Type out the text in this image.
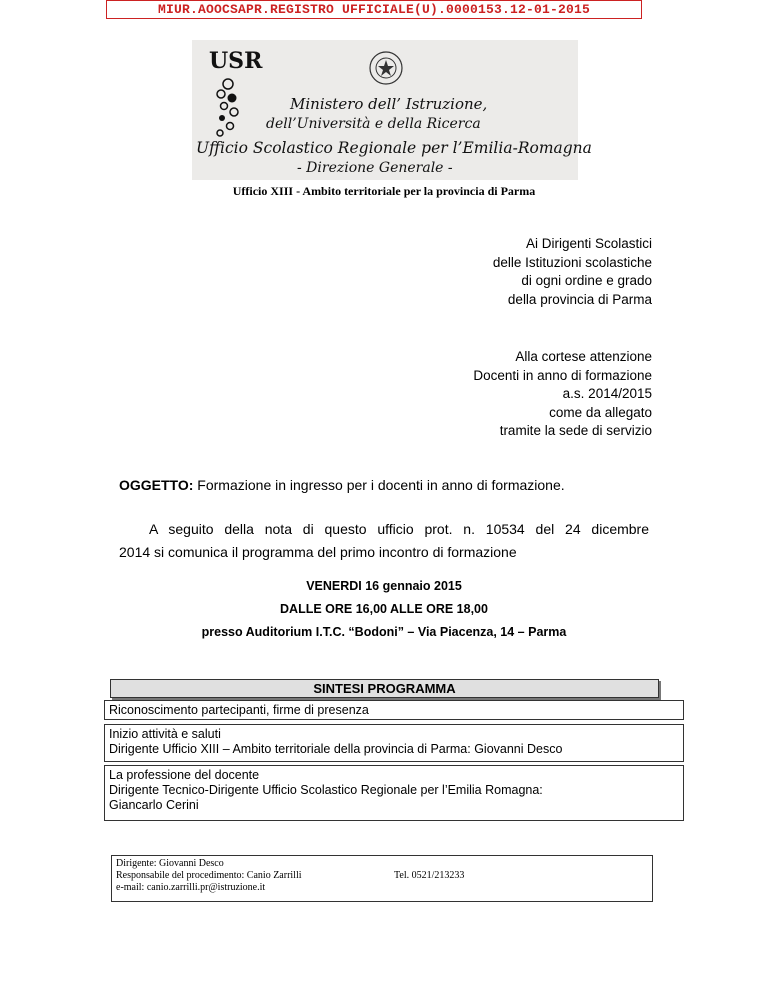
MIUR.AOOCSAPR.REGISTRO UFFICIALE(U).0000153.12-01-2015
USR
Ministero dell’ Istruzione,
dell’Università e della Ricerca
Ufficio Scolastico Regionale per l’Emilia-Romagna
- Direzione Generale -
Ufficio XIII - Ambito territoriale per la provincia di Parma
Ai Dirigenti Scolastici
delle Istituzioni scolastiche
di ogni ordine e grado
della provincia di Parma
Alla cortese attenzione
Docenti in anno di formazione
a.s. 2014/2015
come da allegato
tramite la sede di servizio
OGGETTO: Formazione in ingresso per i docenti in anno di formazione.
A seguito della nota di questo ufficio prot. n. 10534 del 24 dicembre
2014 si comunica il programma del primo incontro di formazione
VENERDI 16 gennaio 2015
DALLE ORE 16,00 ALLE ORE 18,00
presso Auditorium I.T.C. “Bodoni” – Via Piacenza, 14 – Parma
SINTESI PROGRAMMA
Riconoscimento partecipanti, firme di presenza
Inizio attività e saluti
Dirigente Ufficio XIII – Ambito territoriale della provincia di Parma: Giovanni Desco
La professione del docente
Dirigente Tecnico-Dirigente Ufficio Scolastico Regionale per l’Emilia Romagna:
Giancarlo Cerini
Dirigente: Giovanni Desco
Responsabile del procedimento: Canio Zarrilli
e-mail: canio.zarrilli.pr@istruzione.it
Tel. 0521/213233
